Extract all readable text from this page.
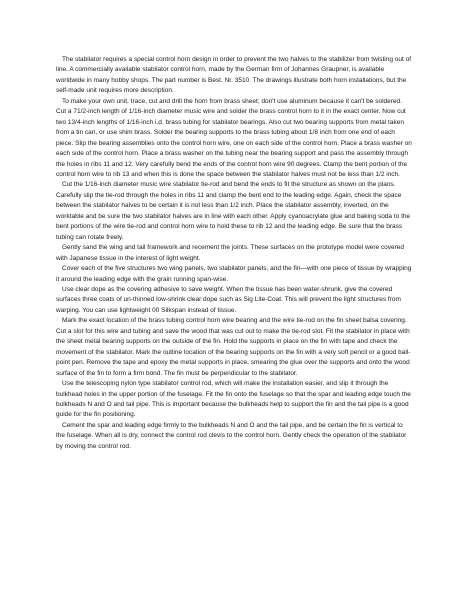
The stabilator requires a special control horn design in order to prevent the two halves to the stabilizer from twisting out of line. A commercially available stabilator control horn, made by the German firm of Johannes Graupner, is available worldwide in many hobby shops. The part number is Best. Nr. 3510. The drawings illustrate both horn installations, but the self-made unit requires more description.

To make your own unit, trace, cut and drill the horn from brass sheet; don't use aluminum because it can't be soldered. Cut a 71/2-inch length of 1/16-inch diameter music wire and solder the brass control horn to it in the exact center. Now cut two 13/4-inch lengths of 1/16-inch i.d. brass tubing for stabilator bearings. Also cut two bearing supports from metal taken from a tin can, or use shim brass. Solder the bearing supports to the brass tubing about 1/8 inch from one end of each piece. Slip the bearing assemblies onto the control horn wire, one on each side of the control horn. Place a brass washer on each side of the control horn. Place a brass washer on the tubing near the bearing support and pass the assembly through the holes in ribs 11 and 12. Very carefully bend the ends of the control horn wire 90 degrees. Clamp the bent portion of the control horn wire to rib 13 and when this is done the space between the stabilator halves must not be less than 1/2 inch.

Cut the 1/16-inch diameter music wire stabilator tie-rod and bend the ends to fit the structure as shown on the plans. Carefully slip the tie-rod through the holes in ribs 11 and clamp the bent end to the leading edge. Again, check the space between the stabilator halves to be certain it is not less than 1/2 inch. Place the stabilator assembly, inverted, on the worktable and be sure the two stabilator halves are in line with each other. Apply cyanoacrylate glue and baking soda to the bent portions of the wire tie-rod and control horn wire to hold these to rib 12 and the leading edge. Be sure that the brass tubing can rotate freely.

Gently sand the wing and tail framework and recement the joints. These surfaces on the prototype model were covered with Japanese tissue in the interest of light weight.

Cover each of the five structures two wing panels, two stabilator panels, and the fin—with one piece of tissue by wrapping it around the leading edge with the grain running span-wise.

Use clear dope as the covering adhesive to save weight. When the tissue has been water-shrunk, give the covered surfaces three coats of un-thinned low-shrink clear dope such as Sig Lite-Coat. This will prevent the light structures from warping. You can use lightweight 00 Silkspan instead of tissue.

Mark the exact location of the brass tubing control horn wire bearing and the wire tie-rod on the fin sheet balsa covering. Cut a slot for this wire and tubing and save the wood that was cut out to make the tie-rod slot. Fit the stabilator in place with the sheet metal bearing supports on the outside of the fin. Hold the supports in place on the fin with tape and check the movement of the stabilator. Mark the outline location of the bearing supports on the fin with a very soft pencil or a good ball-point pen. Remove the tape and epoxy the metal supports in place, smearing the glue over the supports and onto the wood surface of the fin to form a firm bond. The fin must be perpendicular to the stabilator.

Use the telescoping nylon type stabilator control rod, which will make the installation easier, and slip it through the bulkhead holes in the upper portion of the fuselage. Fit the fin onto the fuselage so that the spar and leading edge touch the bulkheads N and O and tail pipe. This is important because the bulkheads help to support the fin and the tail pipe is a good guide for the fin positioning.

Cement the spar and leading edge firmly to the bulkheads N and O and the tail pipe, and be certain the fin is vertical to the fuselage. When all is dry, connect the control rod clevis to the control horn. Gently check the operation of the stabilator by moving the control rod.
